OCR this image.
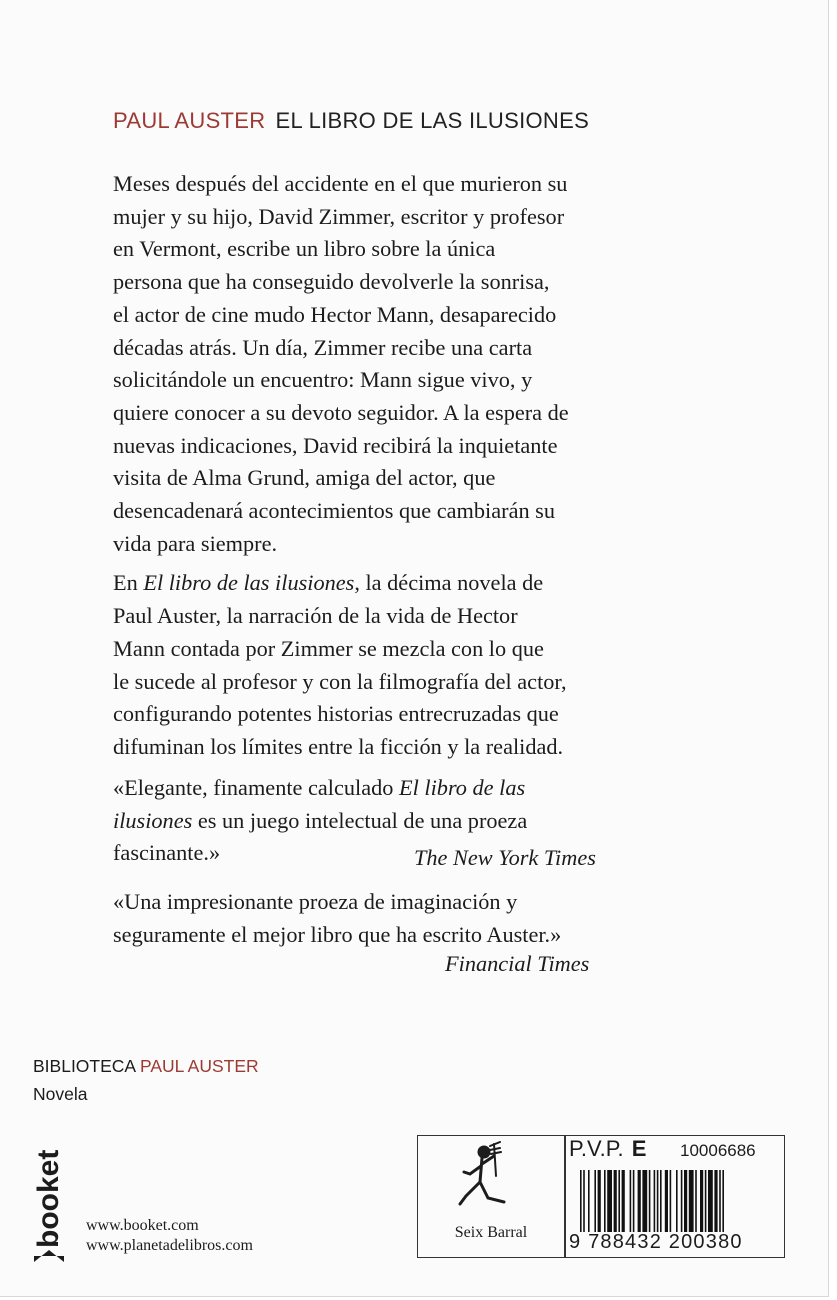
PAUL AUSTER EL LIBRO DE LAS ILUSIONES

Meses después del accidente en el que murieron su

mujer y su hijo, David Zimmer, escritor y profesor

en Vermont, escribe un libro sobre la única

persona que ha conseguido devolverle la sonrisa,

el actor de cine mudo Hector Mann, desaparecido

décadas atrás. Un día, Zimmer recibe una carta

solicitándole un encuentro: Mann sigue vivo, y

quiere conocer a su devoto seguidor. A la espera de

nuevas indicaciones, David recibirá la inquietante

visita de Alma Grund, amiga del actor, que

desencadenará acontecimientos que cambiarán su

vida para siempre.

En El libro de las ilusiones, la décima novela de

Paul Auster, la narración de la vida de Hector

Mann contada por Zimmer se mezcla con lo que

le sucede al profesor y con la filmografía del actor,

configurando potentes historias entrecruzadas que

difuminan los límites entre la ficción y la realidad.

«Elegante, finamente calculado El libro de las

ilusiones es un juego intelectual de una proeza

fascinante.»	The New York Times

«Una impresionante proeza de imaginación y

seguramente el mejor libro que ha escrito Auster.»

Financial Times
BIBLIOTECA PAUL AUSTER
Novela
booket www.booket.com
www.planetadelibros.com
Seix Barral
P.V.P. E 10006686
9 788432 200380
